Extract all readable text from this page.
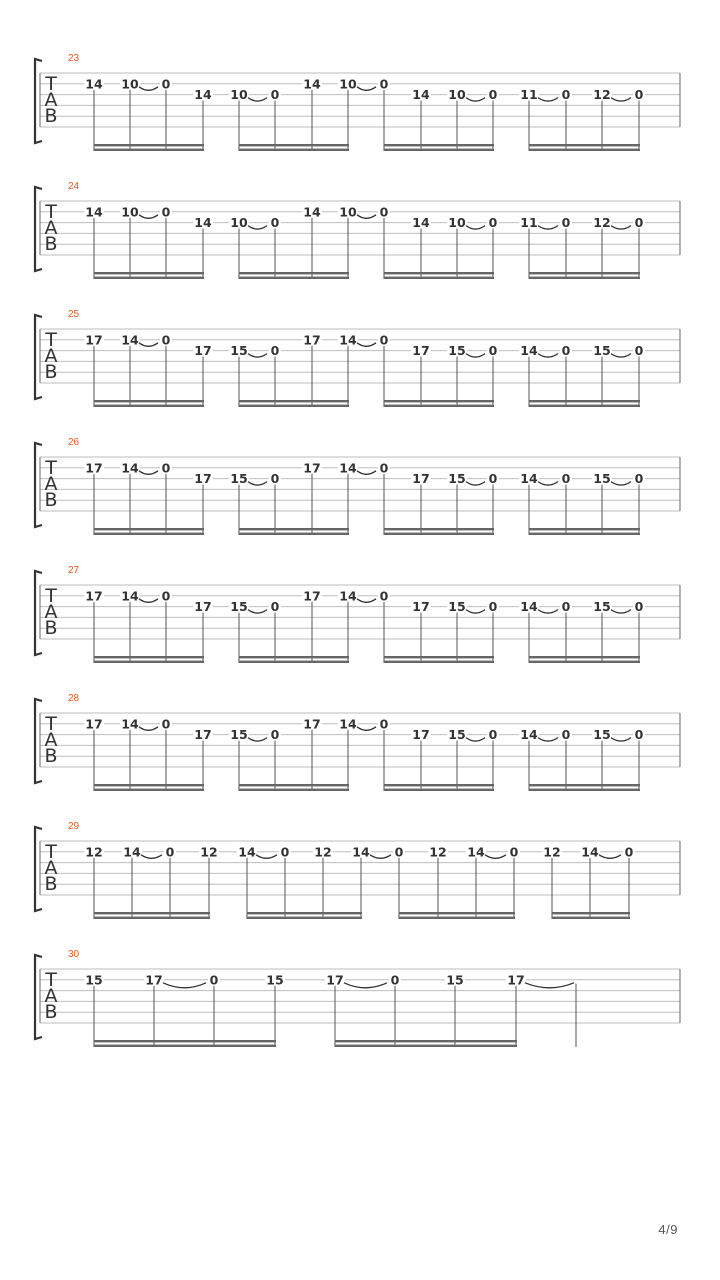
T
A
B
23
14 10 0
14 10 0
14 10 0
14 10 0 11 0 12 0
T
A
B
24
14 10 0
14 10 0
14 10 0
14 10 0 11 0 12 0
T
A
B
25
17 14 0
17 15 0
17 14 0
17 15 0 14 0 15 0
T
A
B
26
17 14 0
17 15 0
17 14 0
17 15 0 14 0 15 0
T
A
B
27
17 14 0
17 15 0
17 14 0
17 15 0 14 0 15 0
T
A
B
28
17 14 0
17 15 0
17 14 0
17 15 0 14 0 15 0
T
A
B
29
12 14 0 12 14 0 12 14 0 12 14 0 12 14 0
T
A
B
30
15	17	0	15	17	0	15	17
4/9
